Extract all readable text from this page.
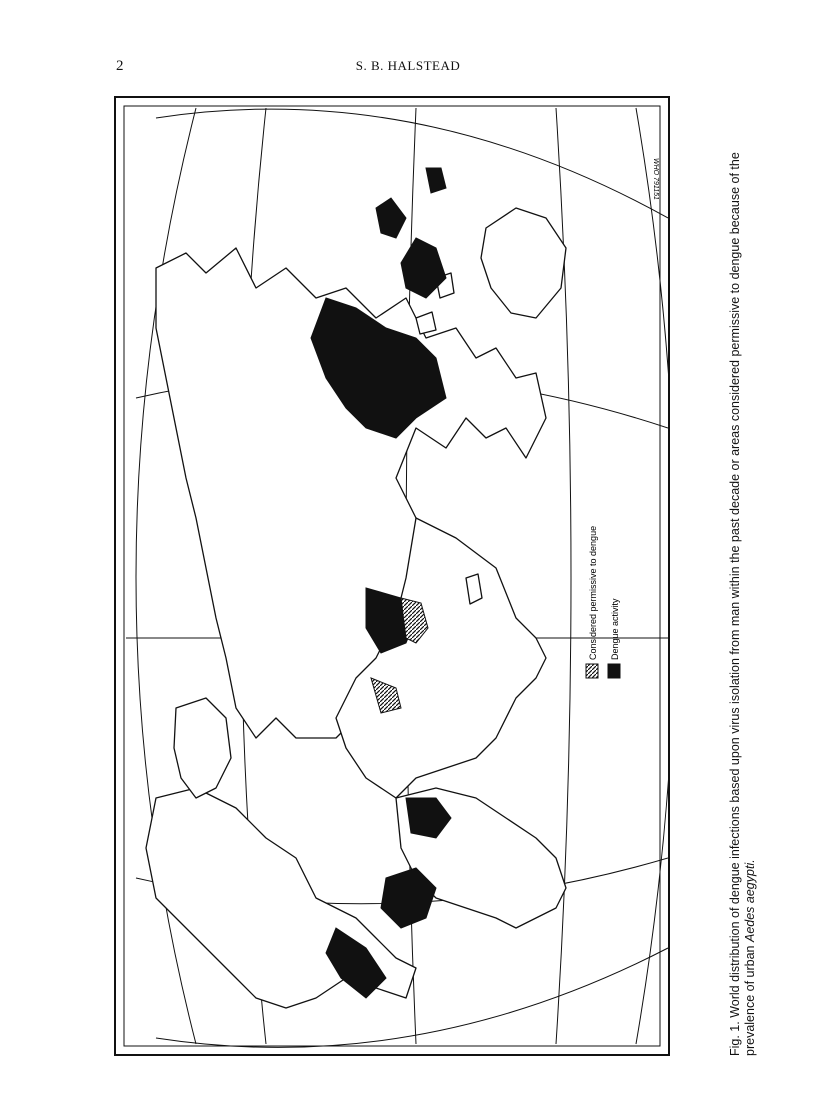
2	S. B. HALSTEAD
Considered permissive to dengue Dengue activity
WHO 791151	Fig. 1. World distribution of dengue infections based upon virus isolation from man within the past decade or areas considered permissive to dengue because of the prevalence of urban Aedes aegypti.
